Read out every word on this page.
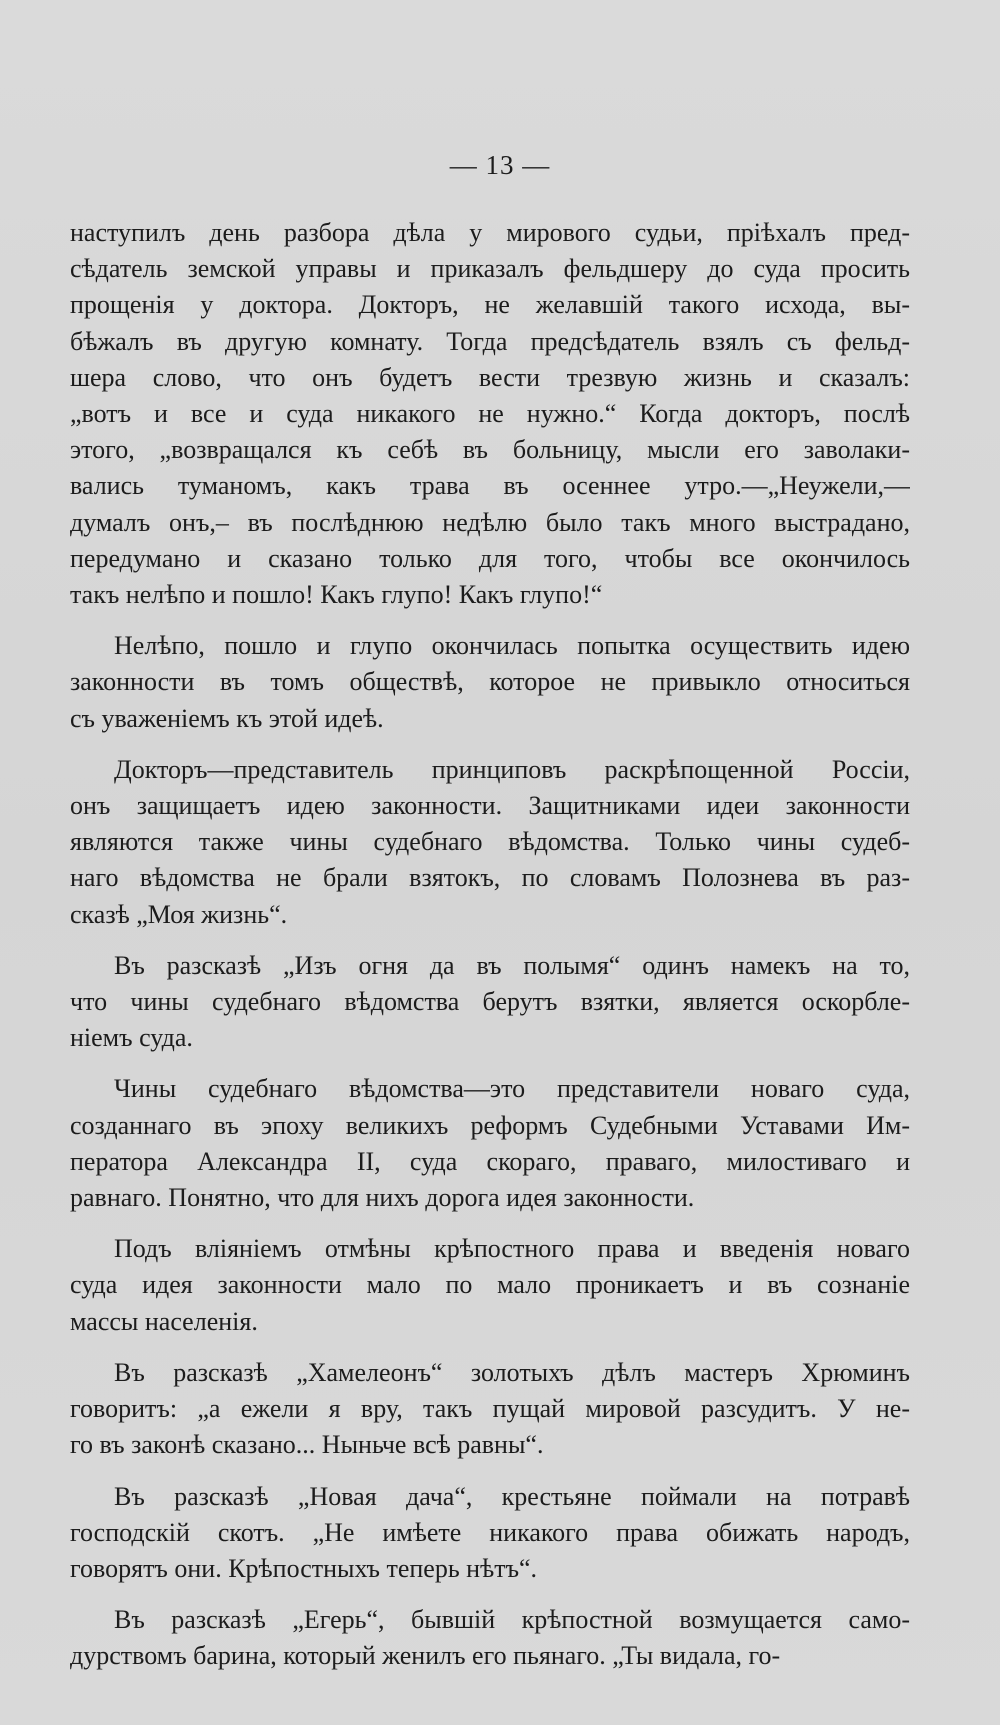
— 13 —

наступилъ день разбора дѣла у мирового судьи, пріѣхалъ пред-
сѣдатель земской управы и приказалъ фельдшеру до суда просить
прощенія у доктора. Докторъ, не желавшій такого исхода, вы-
бѣжалъ въ другую комнату. Тогда предсѣдатель взялъ съ фельд-
шера слово, что онъ будетъ вести трезвую жизнь и сказалъ:
„вотъ и все и суда никакого не нужно.“ Когда докторъ, послѣ
этого, „возвращался къ себѣ въ больницу, мысли его заволаки-
вались туманомъ, какъ трава въ осеннее утро.—„Неужели,—
думалъ онъ,– въ послѣднюю недѣлю было такъ много выстрадано,
передумано и сказано только для того, чтобы все окончилось
такъ нелѣпо и пошло! Какъ глупо! Какъ глупо!“

Нелѣпо, пошло и глупо окончилась попытка осуществить идею
законности въ томъ обществѣ, которое не привыкло относиться
съ уваженіемъ къ этой идеѣ.

Докторъ—представитель принциповъ раскрѣпощенной Россіи,
онъ защищаетъ идею законности. Защитниками идеи законности
являются также чины судебнаго вѣдомства. Только чины судеб-
наго вѣдомства не брали взятокъ, по словамъ Полознева въ раз-
сказѣ „Моя жизнь“.

Въ разсказѣ „Изъ огня да въ полымя“ одинъ намекъ на то,
что чины судебнаго вѣдомства берутъ взятки, является оскорбле-
ніемъ суда.

Чины судебнаго вѣдомства—это представители новаго суда,
созданнаго въ эпоху великихъ реформъ Судебными Уставами Им-
ператора Александра II, суда скораго, праваго, милостиваго и
равнаго. Понятно, что для нихъ дорога идея законности.

Подъ вліяніемъ отмѣны крѣпостного права и введенія новаго
суда идея законности мало по мало проникаетъ и въ сознаніе
массы населенія.

Въ разсказѣ „Хамелеонъ“ золотыхъ дѣлъ мастеръ Хрюминъ
говоритъ: „а ежели я вру, такъ пущай мировой разсудитъ. У не-
го въ законѣ сказано... Ныньче всѣ равны“.

Въ разсказѣ „Новая дача“, крестьяне поймали на потравѣ
господскій скотъ. „Не имѣете никакого права обижать народъ,
говорятъ они. Крѣпостныхъ теперь нѣтъ“.

Въ разсказѣ „Егерь“, бывшій крѣпостной возмущается само-
дурствомъ барина, который женилъ его пьянаго. „Ты видала, го-
